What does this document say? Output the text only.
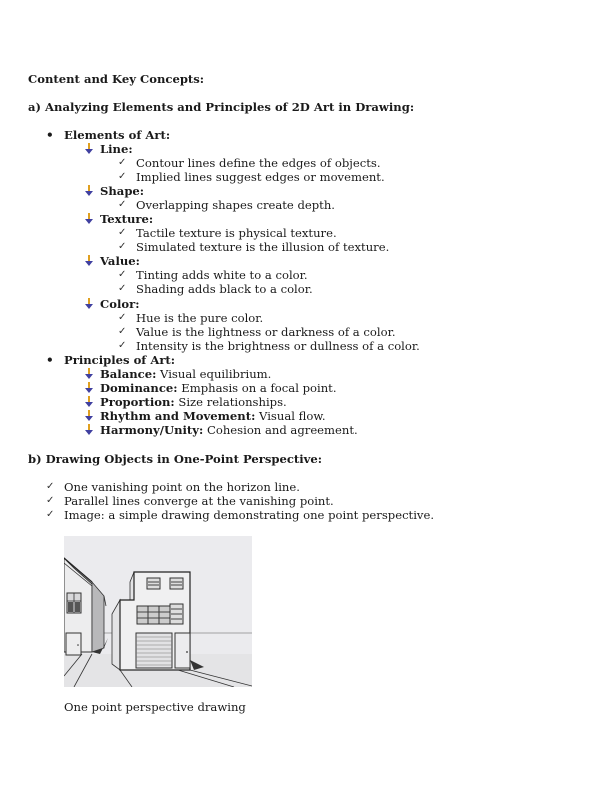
Content and Key Concepts:
a) Analyzing Elements and Principles of 2D Art in Drawing:
• Elements of Art:
Line:
✓ Contour lines define the edges of objects.
✓ Implied lines suggest edges or movement.
Shape:
✓ Overlapping shapes create depth.
Texture:
✓ Tactile texture is physical texture.
✓ Simulated texture is the illusion of texture.
Value:
✓ Tinting adds white to a color.
✓ Shading adds black to a color.
Color:
✓ Hue is the pure color.
✓ Value is the lightness or darkness of a color.
✓ Intensity is the brightness or dullness of a color.
• Principles of Art:
Balance: Visual equilibrium.
Dominance: Emphasis on a focal point.
Proportion: Size relationships.
Rhythm and Movement: Visual flow.
Harmony/Unity: Cohesion and agreement.
b) Drawing Objects in One-Point Perspective:
✓ One vanishing point on the horizon line.
✓ Parallel lines converge at the vanishing point.
✓ Image: a simple drawing demonstrating one point perspective.
One point perspective drawing
